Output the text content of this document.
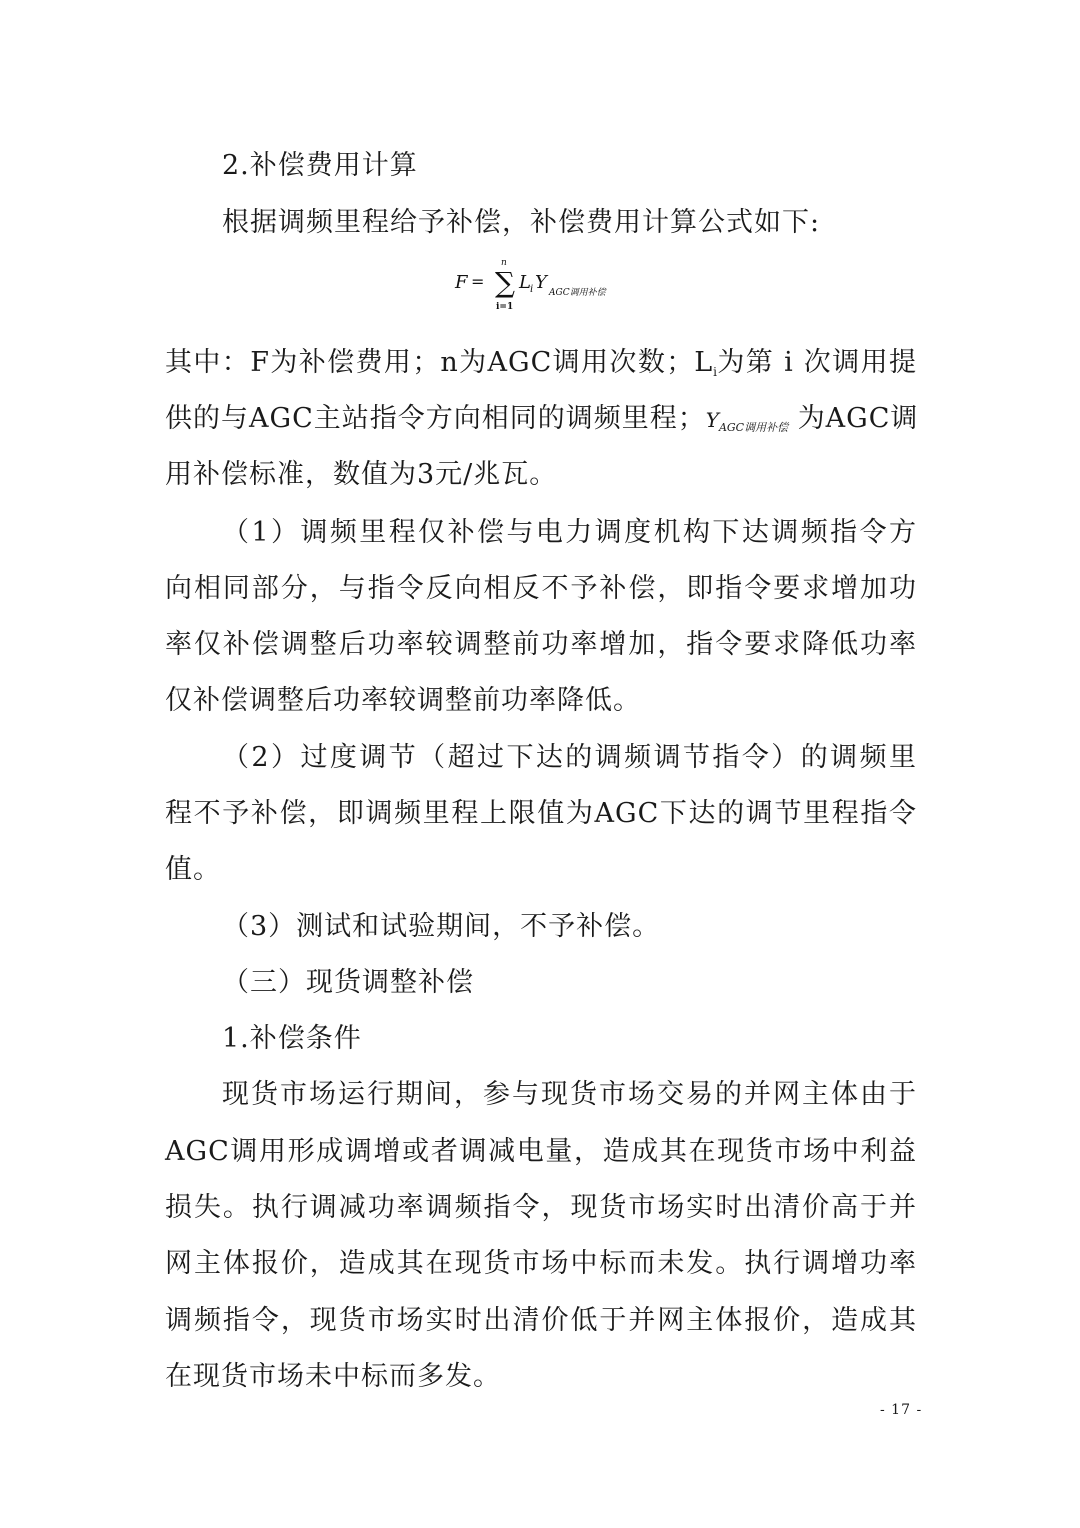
2.补偿费用计算
根据调频里程给予补偿，补偿费用计算公式如下:
F =
n
∑
i=1
L i Y AGC调用补偿
其中：F为补偿费用；n为AGC调用次数；Li为第 i 次调用提
供的与AGC主站指令方向相同的调频里程；YAGC调用补偿 为AGC调
用补偿标准，数值为3元/兆瓦。
（1）调频里程仅补偿与电力调度机构下达调频指令方
向相同部分，与指令反向相反不予补偿，即指令要求增加功
率仅补偿调整后功率较调整前功率增加，指令要求降低功率
仅补偿调整后功率较调整前功率降低。
（2）过度调节（超过下达的调频调节指令）的调频里
程不予补偿，即调频里程上限值为AGC下达的调节里程指令
值。
（3）测试和试验期间，不予补偿。
（三）现货调整补偿
1.补偿条件
现货市场运行期间，参与现货市场交易的并网主体由于
AGC调用形成调增或者调减电量，造成其在现货市场中利益
损失。执行调减功率调频指令，现货市场实时出清价高于并
网主体报价，造成其在现货市场中标而未发。执行调增功率
调频指令，现货市场实时出清价低于并网主体报价，造成其
在现货市场未中标而多发。
- 17 -
